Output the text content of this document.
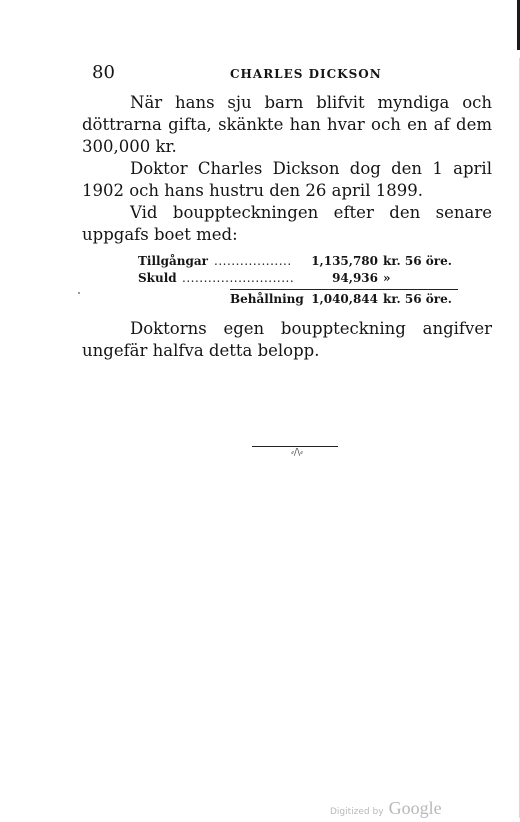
80	CHARLES DICKSON

När hans sju barn blifvit myndiga och döttrarna gifta, skänkte han hvar och en af dem 300,000 kr.

Doktor Charles Dickson dog den 1 april 1902 och hans hustru den 26 april 1899.

Vid bouppteckningen efter den senare uppgafs boet med:

Tillgångar ..................	1,135,780 kr. 56 öre.
Skuld ..........................	94,936 »
Behållning 1,040,844 kr. 56 öre.

Doktorns egen bouppteckning angifver ungefär halfva detta belopp.

⸗/\⸗
Digitized by Google
